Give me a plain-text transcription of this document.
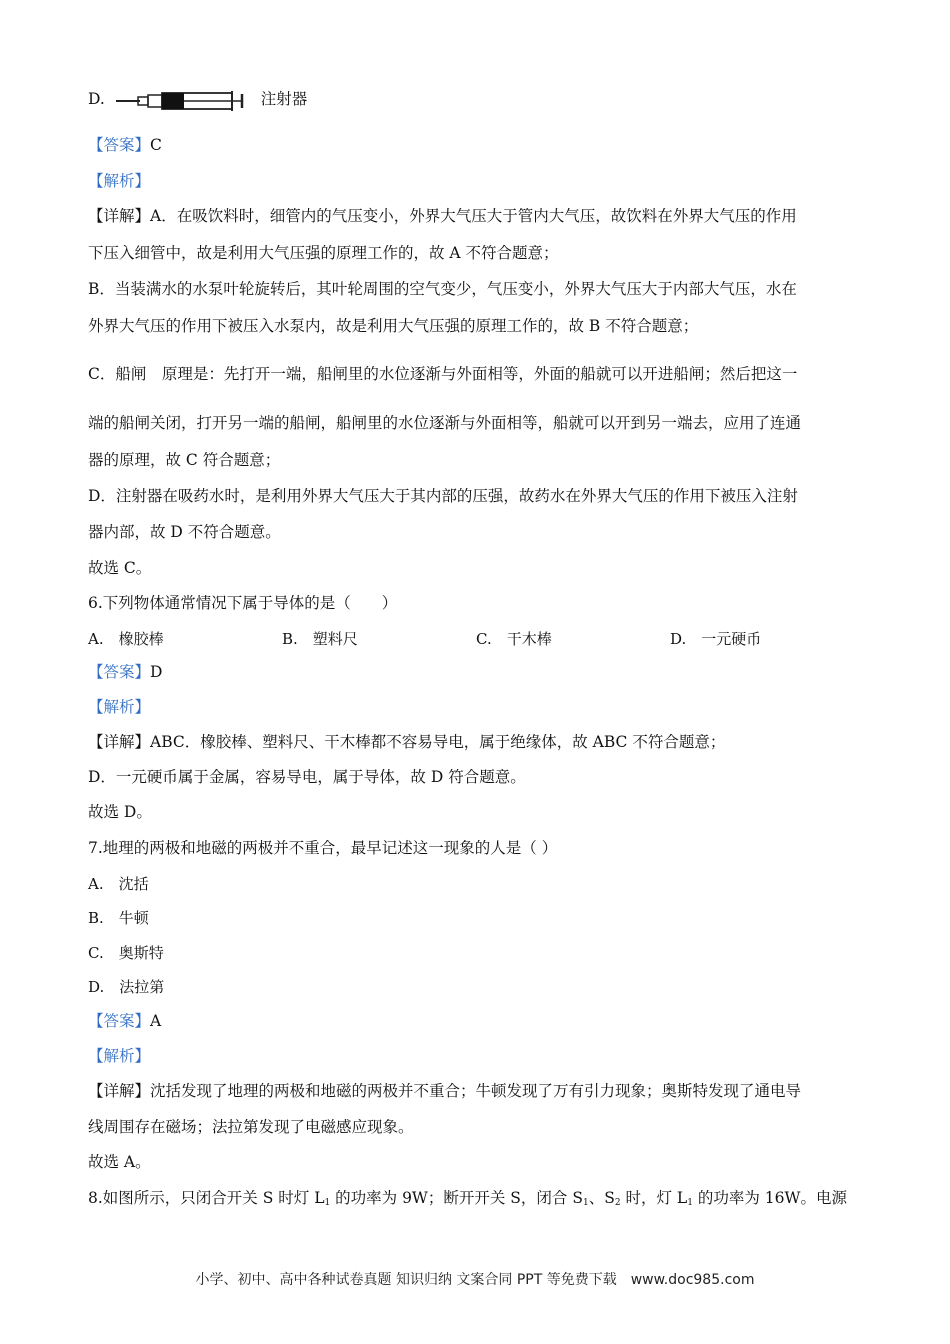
D.	注射器
【答案】C
【解析】
【详解】A．在吸饮料时，细管内的气压变小，外界大气压大于管内大气压，故饮料在外界大气压的作用
下压入细管中，故是利用大气压强的原理工作的，故 A 不符合题意；
B．当装满水的水泵叶轮旋转后，其叶轮周围的空气变少，气压变小，外界大气压大于内部大气压，水在
外界大气压的作用下被压入水泵内，故是利用大气压强的原理工作的，故 B 不符合题意；
C．船闸　原理是：先打开一端，船闸里的水位逐渐与外面相等，外面的船就可以开进船闸；然后把这一
端的船闸关闭，打开另一端的船闸，船闸里的水位逐渐与外面相等，船就可以开到另一端去，应用了连通
器的原理，故 C 符合题意；
D．注射器在吸药水时，是利用外界大气压大于其内部的压强，故药水在外界大气压的作用下被压入注射
器内部，故 D 不符合题意。
故选 C。
6.下列物体通常情况下属于导体的是（　　）
A.　橡胶棒	B.　塑料尺	C.　干木棒	D.　一元硬币
【答案】D
【解析】
【详解】ABC．橡胶棒、塑料尺、干木棒都不容易导电，属于绝缘体，故 ABC 不符合题意；
D．一元硬币属于金属，容易导电，属于导体，故 D 符合题意。
故选 D。
7.地理的两极和地磁的两极并不重合，最早记述这一现象的人是（ ）
A.　沈括
B.　牛顿
C.　奥斯特
D.　法拉第
【答案】A
【解析】
【详解】沈括发现了地理的两极和地磁的两极并不重合；牛顿发现了万有引力现象；奥斯特发现了通电导
线周围存在磁场；法拉第发现了电磁感应现象。
故选 A。
8.如图所示，只闭合开关 S 时灯 $L_1$ 的功率为 9W；断开开关 S，闭合 $S_1$、$S_2$ 时，灯 $L_1$ 的功率为 16W。电源
小学、初中、高中各种试卷真题 知识归纳 文案合同 PPT 等免费下载　www.doc985.com
